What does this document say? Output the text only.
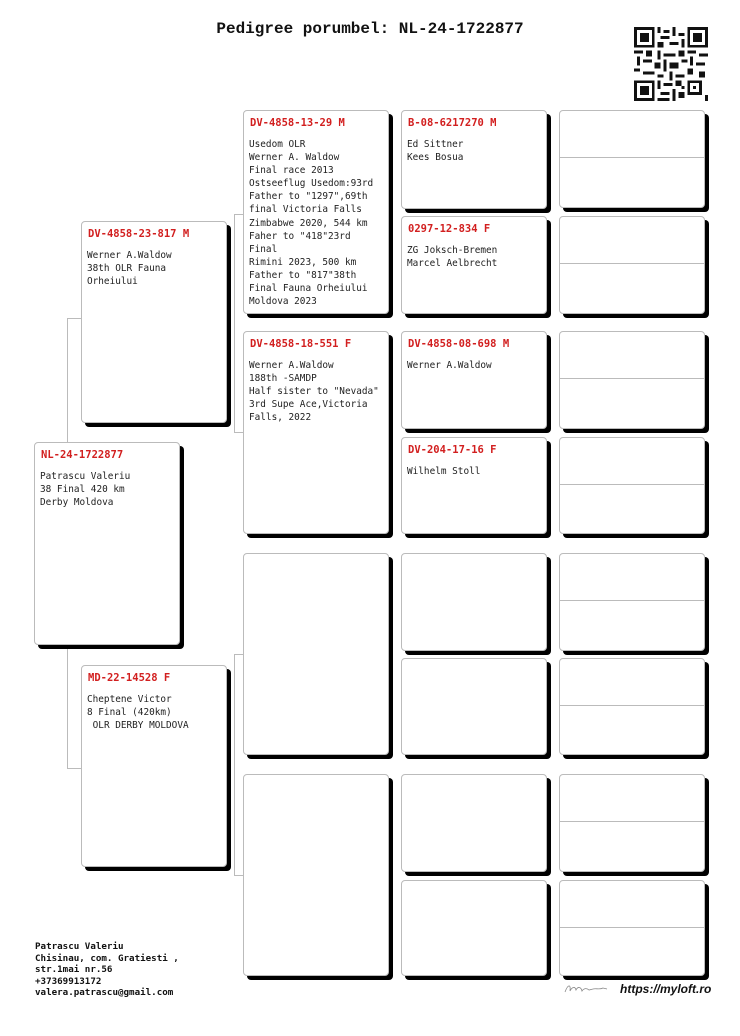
Pedigree porumbel: NL-24-1722877
NL-24-1722877
Patrascu Valeriu
38 Final 420 km
Derby Moldova
DV-4858-23-817 M
Werner A.Waldow
38th OLR Fauna Orheiului
MD-22-14528 F
Cheptene Victor
8 Final (420km)
OLR DERBY MOLDOVA
DV-4858-13-29 M
Usedom OLR
Werner A. Waldow
Final race 2013
Ostseeflug Usedom:93rd
Father to "1297",69th
final Victoria Falls
Zimbabwe 2020, 544 km
Faher to "418"23rd Final
Rimini 2023, 500 km
Father to "817"38th
Final Fauna Orheiului
Moldova 2023
DV-4858-18-551 F
Werner A.Waldow
188th -SAMDP
Half sister to "Nevada"
3rd Supe Ace,Victoria
Falls, 2022
B-08-6217270 M
Ed Sittner
Kees Bosua
0297-12-834 F
ZG Joksch-Bremen
Marcel Aelbrecht
DV-4858-08-698 M
Werner A.Waldow
DV-204-17-16 F
Wilhelm Stoll
Patrascu Valeriu
Chisinau, com. Gratiesti ,
str.1mai nr.56
+37369913172
valera.patrascu@gmail.com	https://myloft.ro
